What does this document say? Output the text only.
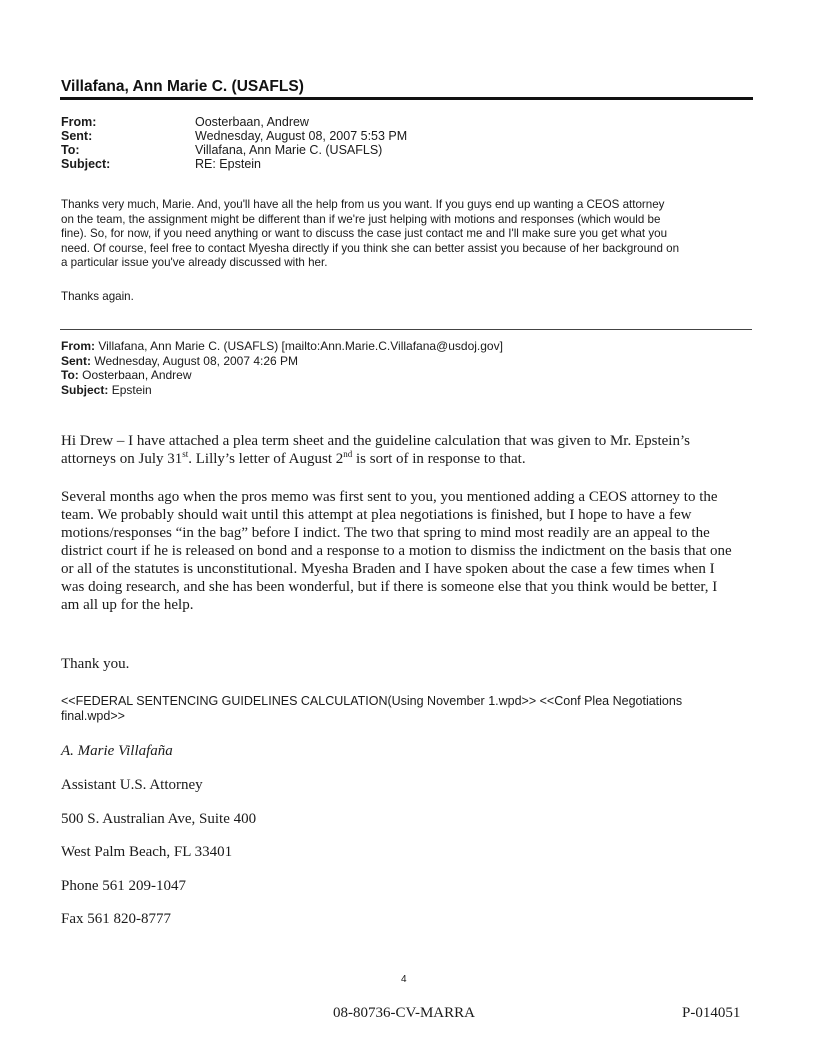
Villafana, Ann Marie C. (USAFLS)
From:	Oosterbaan, Andrew
Sent:	Wednesday, August 08, 2007 5:53 PM
To:	Villafana, Ann Marie C. (USAFLS)
Subject:	RE: Epstein
Thanks very much, Marie. And, you'll have all the help from us you want. If you guys end up wanting a CEOS attorney
on the team, the assignment might be different than if we're just helping with motions and responses (which would be
fine). So, for now, if you need anything or want to discuss the case just contact me and I'll make sure you get what you
need. Of course, feel free to contact Myesha directly if you think she can better assist you because of her background on
a particular issue you've already discussed with her.
Thanks again.
From: Villafana, Ann Marie C. (USAFLS) [mailto:Ann.Marie.C.Villafana@usdoj.gov]
Sent: Wednesday, August 08, 2007 4:26 PM
To: Oosterbaan, Andrew
Subject: Epstein
Hi Drew – I have attached a plea term sheet and the guideline calculation that was given to Mr. Epstein’s
attorneys on July 31st. Lilly’s letter of August 2nd is sort of in response to that.
Several months ago when the pros memo was first sent to you, you mentioned adding a CEOS attorney to the
team. We probably should wait until this attempt at plea negotiations is finished, but I hope to have a few
motions/responses “in the bag” before I indict. The two that spring to mind most readily are an appeal to the
district court if he is released on bond and a response to a motion to dismiss the indictment on the basis that one
or all of the statutes is unconstitutional. Myesha Braden and I have spoken about the case a few times when I
was doing research, and she has been wonderful, but if there is someone else that you think would be better, I
am all up for the help.
Thank you.
<<FEDERAL SENTENCING GUIDELINES CALCULATION(Using November 1.wpd>> <<Conf Plea Negotiations
final.wpd>>
A. Marie Villafaña
Assistant U.S. Attorney
500 S. Australian Ave, Suite 400
West Palm Beach, FL 33401
Phone 561 209-1047
Fax 561 820-8777
4
08-80736-CV-MARRA	P-014051
